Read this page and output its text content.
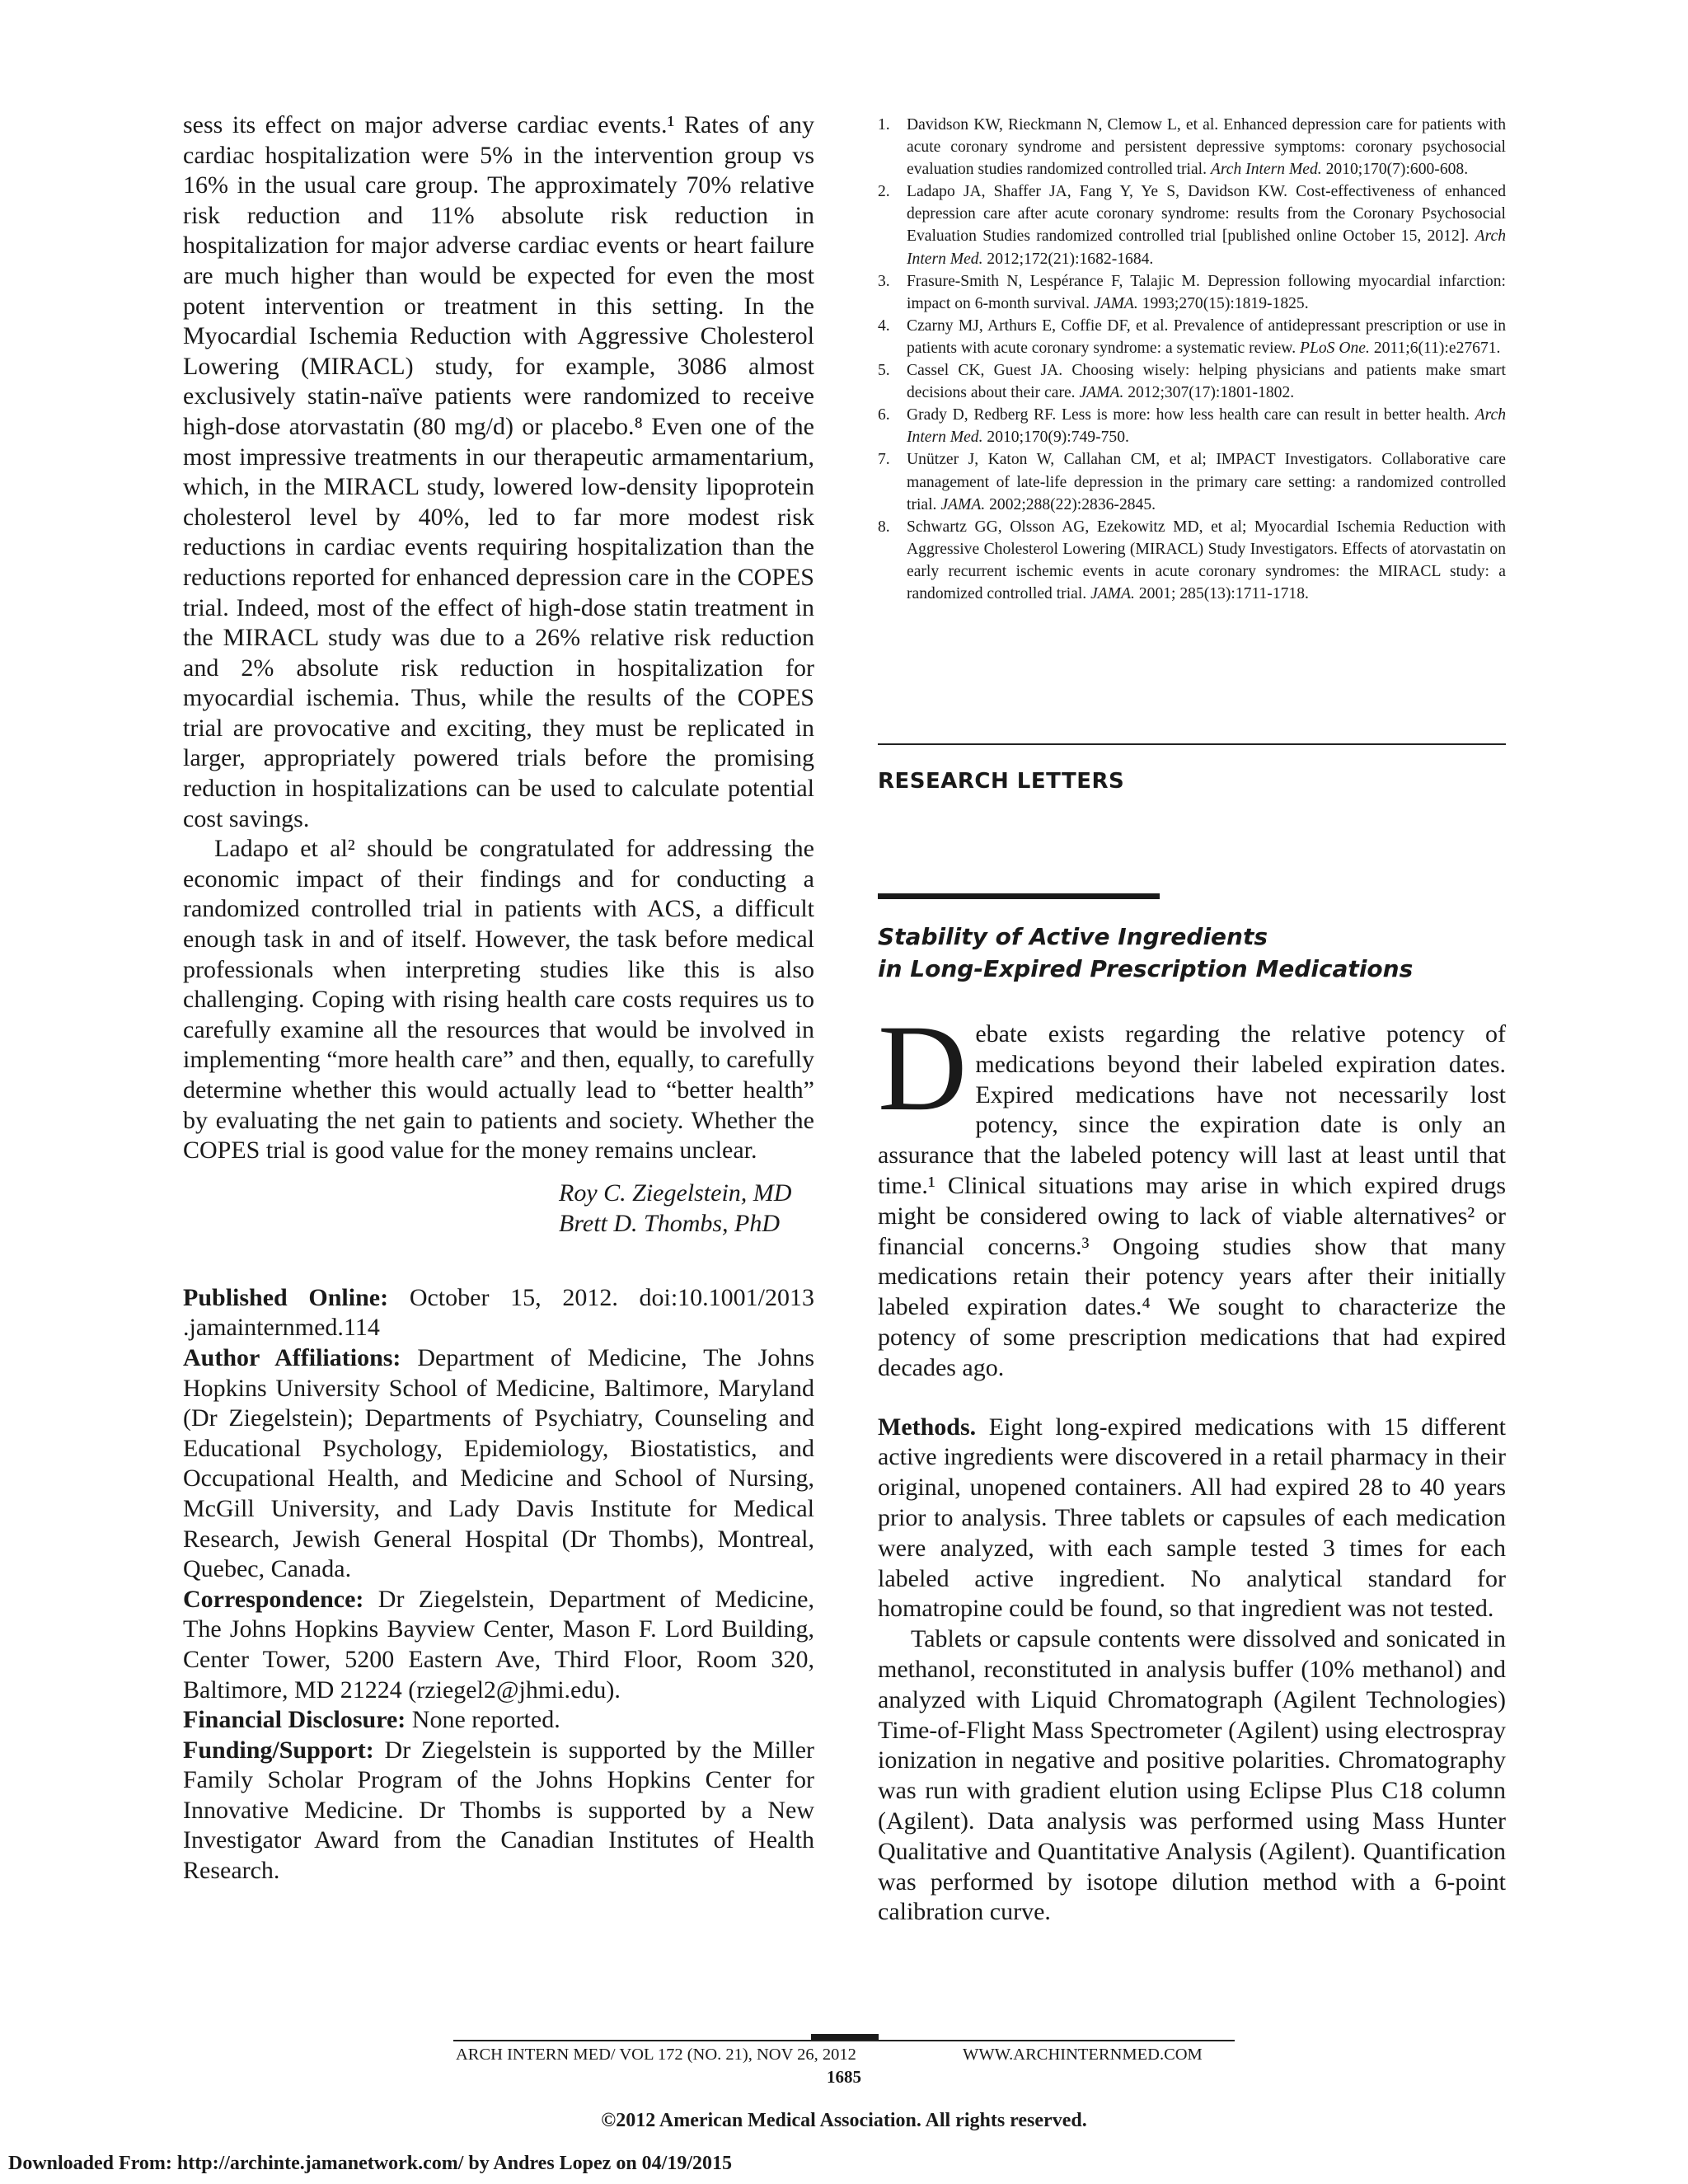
sess its effect on major adverse cardiac events.¹ Rates of any cardiac hospitalization were 5% in the intervention group vs 16% in the usual care group. The approximately 70% relative risk reduction and 11% absolute risk reduction in hospitalization for major adverse cardiac events or heart failure are much higher than would be expected for even the most potent intervention or treatment in this setting. In the Myocardial Ischemia Reduction with Aggressive Cholesterol Lowering (MIRACL) study, for example, 3086 almost exclusively statin-naïve patients were randomized to receive high-dose atorvastatin (80 mg/d) or placebo.⁸ Even one of the most impressive treatments in our therapeutic armamentarium, which, in the MIRACL study, lowered low-density lipoprotein cholesterol level by 40%, led to far more modest risk reductions in cardiac events requiring hospitalization than the reductions reported for enhanced depression care in the COPES trial. Indeed, most of the effect of high-dose statin treatment in the MIRACL study was due to a 26% relative risk reduction and 2% absolute risk reduction in hospitalization for myocardial ischemia. Thus, while the results of the COPES trial are provocative and exciting, they must be replicated in larger, appropriately powered trials before the promising reduction in hospitalizations can be used to calculate potential cost savings.

Ladapo et al² should be congratulated for addressing the economic impact of their findings and for conducting a randomized controlled trial in patients with ACS, a difficult enough task in and of itself. However, the task before medical professionals when interpreting studies like this is also challenging. Coping with rising health care costs requires us to carefully examine all the resources that would be involved in implementing “more health care” and then, equally, to carefully determine whether this would actually lead to “better health” by evaluating the net gain to patients and society. Whether the COPES trial is good value for the money remains unclear.

Roy C. Ziegelstein, MD
Brett D. Thombs, PhD

Published Online: October 15, 2012. doi:10.1001/2013 .jamainternmed.114

Author Affiliations: Department of Medicine, The Johns Hopkins University School of Medicine, Baltimore, Maryland (Dr Ziegelstein); Departments of Psychiatry, Counseling and Educational Psychology, Epidemiology, Biostatistics, and Occupational Health, and Medicine and School of Nursing, McGill University, and Lady Davis Institute for Medical Research, Jewish General Hospital (Dr Thombs), Montreal, Quebec, Canada.

Correspondence: Dr Ziegelstein, Department of Medicine, The Johns Hopkins Bayview Center, Mason F. Lord Building, Center Tower, 5200 Eastern Ave, Third Floor, Room 320, Baltimore, MD 21224 (rziegel2@jhmi.edu).

Financial Disclosure: None reported.

Funding/Support: Dr Ziegelstein is supported by the Miller Family Scholar Program of the Johns Hopkins Center for Innovative Medicine. Dr Thombs is supported by a New Investigator Award from the Canadian Institutes of Health Research.

1. Davidson KW, Rieckmann N, Clemow L, et al. Enhanced depression care for patients with acute coronary syndrome and persistent depressive symptoms: coronary psychosocial evaluation studies randomized controlled trial. Arch Intern Med. 2010;170(7):600-608.
2. Ladapo JA, Shaffer JA, Fang Y, Ye S, Davidson KW. Cost-effectiveness of enhanced depression care after acute coronary syndrome: results from the Coronary Psychosocial Evaluation Studies randomized controlled trial [published online October 15, 2012]. Arch Intern Med. 2012;172(21):1682-1684.
3. Frasure-Smith N, Lespérance F, Talajic M. Depression following myocardial infarction: impact on 6-month survival. JAMA. 1993;270(15):1819-1825.
4. Czarny MJ, Arthurs E, Coffie DF, et al. Prevalence of antidepressant prescription or use in patients with acute coronary syndrome: a systematic review. PLoS One. 2011;6(11):e27671.
5. Cassel CK, Guest JA. Choosing wisely: helping physicians and patients make smart decisions about their care. JAMA. 2012;307(17):1801-1802.
6. Grady D, Redberg RF. Less is more: how less health care can result in better health. Arch Intern Med. 2010;170(9):749-750.
7. Unützer J, Katon W, Callahan CM, et al; IMPACT Investigators. Collaborative care management of late-life depression in the primary care setting: a randomized controlled trial. JAMA. 2002;288(22):2836-2845.
8. Schwartz GG, Olsson AG, Ezekowitz MD, et al; Myocardial Ischemia Reduction with Aggressive Cholesterol Lowering (MIRACL) Study Investigators. Effects of atorvastatin on early recurrent ischemic events in acute coronary syndromes: the MIRACL study: a randomized controlled trial. JAMA. 2001; 285(13):1711-1718.
RESEARCH LETTERS
Stability of Active Ingredients
in Long-Expired Prescription Medications

Debate exists regarding the relative potency of medications beyond their labeled expiration dates. Expired medications have not necessarily lost potency, since the expiration date is only an assurance that the labeled potency will last at least until that time.¹ Clinical situations may arise in which expired drugs might be considered owing to lack of viable alternatives² or financial concerns.³ Ongoing studies show that many medications retain their potency years after their initially labeled expiration dates.⁴ We sought to characterize the potency of some prescription medications that had expired decades ago.

Methods. Eight long-expired medications with 15 different active ingredients were discovered in a retail pharmacy in their original, unopened containers. All had expired 28 to 40 years prior to analysis. Three tablets or capsules of each medication were analyzed, with each sample tested 3 times for each labeled active ingredient. No analytical standard for homatropine could be found, so that ingredient was not tested.

Tablets or capsule contents were dissolved and sonicated in methanol, reconstituted in analysis buffer (10% methanol) and analyzed with Liquid Chromatograph (Agilent Technologies) Time-of-Flight Mass Spectrometer (Agilent) using electrospray ionization in negative and positive polarities. Chromatography was run with gradient elution using Eclipse Plus C18 column (Agilent). Data analysis was performed using Mass Hunter Qualitative and Quantitative Analysis (Agilent). Quantification was performed by isotope dilution method with a 6-point calibration curve.

ARCH INTERN MED/ VOL 172 (NO. 21), NOV 26, 2012	WWW.ARCHINTERNMED.COM
1685
©2012 American Medical Association. All rights reserved.
Downloaded From: http://archinte.jamanetwork.com/ by Andres Lopez on 04/19/2015
